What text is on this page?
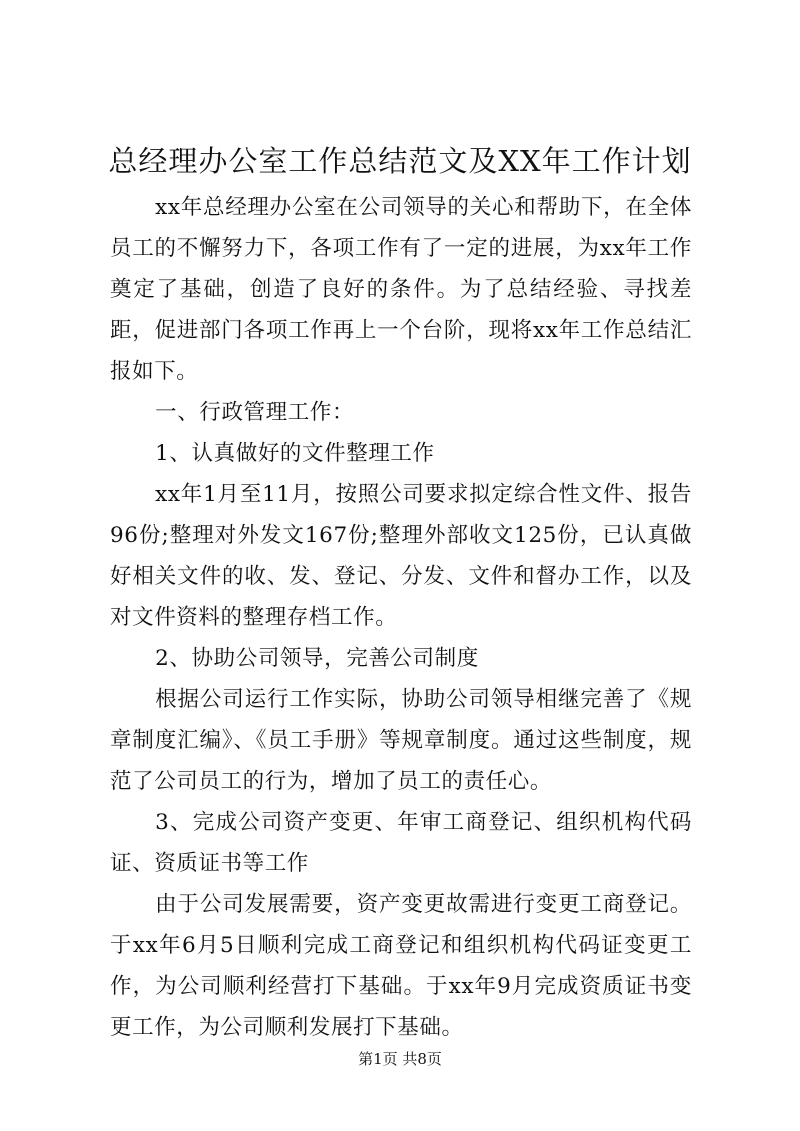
总经理办公室工作总结范文及XX年工作计划

xx年总经理办公室在公司领导的关心和帮助下，在全体员工的不懈努力下，各项工作有了一定的进展，为xx年工作奠定了基础，创造了良好的条件。为了总结经验、寻找差距，促进部门各项工作再上一个台阶，现将xx年工作总结汇报如下。

一、行政管理工作：

1、认真做好的文件整理工作

xx年1月至11月，按照公司要求拟定综合性文件、报告96份;整理对外发文167份;整理外部收文125份，已认真做好相关文件的收、发、登记、分发、文件和督办工作，以及对文件资料的整理存档工作。

2、协助公司领导，完善公司制度

根据公司运行工作实际，协助公司领导相继完善了《规章制度汇编》、《员工手册》等规章制度。通过这些制度，规范了公司员工的行为，增加了员工的责任心。

3、完成公司资产变更、年审工商登记、组织机构代码证、资质证书等工作

由于公司发展需要，资产变更故需进行变更工商登记。于xx年6月5日顺利完成工商登记和组织机构代码证变更工作，为公司顺利经营打下基础。于xx年9月完成资质证书变更工作，为公司顺利发展打下基础。

第1页 共8页
